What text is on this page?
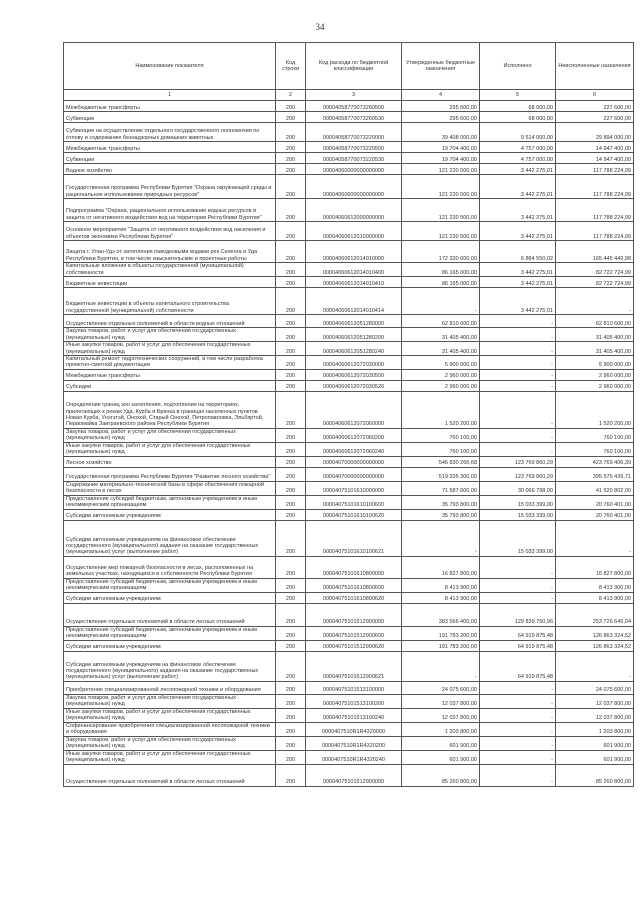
34
Наименование показателя	Код строки	Код расхода по бюджетной классификации	Утвержденные бюджетные назначения	Исполнено	Неисполненные назначения
1	2	3	4	5	6
Межбюджетные трансферты	200	00004058770073260500	295 600,00	68 000,00	227 600,00
Субвенции	200	00004058770073260530	295 600,00	68 000,00	227 600,00
Субвенции на осуществление отдельного государственного полномочия по отлову и содержанию безнадзорных домашних животных	200	00004058770073220000	39 408 000,00	9 514 000,00	29 894 000,00
Межбюджетные трансферты	200	00004058770073220500	19 704 400,00	4 757 000,00	14 947 400,00
Субвенции	200	00004058770073220530	19 704 400,00	4 757 000,00	14 947 400,00
Водное хозяйство	200	00004060000000000000	121 230 500,00	3 442 275,01	117 788 224,99
Государственная программа Республики Бурятия "Охрана окружающей среды и рациональное использование природных ресурсов"	200	00004060600000000000	121 230 500,00	3 442 275,01	117 788 224,99
Подпрограмма "Охрана, рациональное использование водных ресурсов и защита от негативного воздействия вод на территории Республики Бурятия"	200	00004060612000000000	121 230 500,00	3 442 275,01	117 788 224,99
Основное мероприятие "Защита от негативного воздействия вод населения и объектов экономики Республики Бурятия"	200	00004060612010000000	121 230 500,00	3 442 275,01	117 788 224,99
Защита г. Улан-Удэ от затопления паводковыми водами рек Селенга и Уда Республики Бурятия, в том числе изыскательские и проектные работы	200	00004060612014010000	172 330 600,00	6 884 550,02	165 445 449,98
Капитальные вложения в объекты государственной (муниципальной) собственности	200	00004060612014010400	86 165 000,00	3 442 275,01	82 722 724,99
Бюджетные инвестиции	200	00004060612014010410	86 165 000,00	3 442 275,01	82 722 724,99
Бюджетные инвестиции в объекты капитального строительства государственной (муниципальной) собственности	200	00004060612014010414	-	3 442 275,01	-
Осуществление отдельных полномочий в области водных отношений	200	00004060612051280000	62 810 600,00	-	62 810 600,00
Закупка товаров, работ и услуг для обеспечения государственных (муниципальных) нужд	200	00004060612051280200	31 405 400,00	-	31 405 400,00
Иные закупки товаров, работ и услуг для обеспечения государственных (муниципальных) нужд	200	00004060612051280240	31 405 400,00	-	31 405 400,00
Капитальный ремонт гидротехнических сооружений, в том числе разработка проектно-сметной документации	200	00004060612072030000	5 900 000,00	-	5 900 000,00
Межбюджетные трансферты	200	00004060612072030500	2 960 000,00	-	2 960 000,00
Субсидии	200	00004060612072030520	2 960 000,00	-	2 960 000,00
Определение границ зон затопления, подтопления на территориях, прилегающих к рекам Уда, Курба и Брянка в границах населенных пунктов Новая Курба, Унэгэтэй, Онохой, Старый Онохой, Петропавловка, Эльбяртой, Первомайка Заиграевского района Республики Бурятия	200	00004060612072060000	1 520 200,00	-	1 520 200,00
Закупка товаров, работ и услуг для обеспечения государственных (муниципальных) нужд	200	00004060612072060200	760 100,00	-	760 100,00
Иные закупки товаров, работ и услуг для обеспечения государственных (муниципальных) нужд	200	00004060612072060240	760 100,00	-	760 100,00
Лесное хозяйство	200	00004070000000000000	546 830 266,68	123 769 860,29	423 769 406,39
Государственная программа Республики Бурятия "Развитие лесного хозяйства"	200	00004070000000000000	519 335 300,00	123 769 860,29	395 575 439,71
Содержание материально-технической базы в сфере обеспечения пожарной безопасности в лесах	200	00004075101610000000	71 587 600,00	30 066 798,00	41 520 802,00
Предоставление субсидий бюджетным, автономным учреждениям и иным некоммерческим организациям	200	00004075101610100600	35 793 800,00	15 033 399,00	20 760 401,00
Субсидии автономным учреждениям	200	00004075101610100620	35 793 800,00	15 033 399,00	20 760 401,00
Субсидии автономным учреждениям на финансовое обеспечение государственного (муниципального) задания на оказание государственных (муниципальных) услуг (выполнение работ)	200	00004075101610100621	-	15 033 399,00	-
Осуществление мер пожарной безопасности в лесах, расположенных на земельных участках, находящихся в собственности Республики Бурятия	200	00004075101610800000	16 827 800,00	-	16 827 800,00
Предоставление субсидий бюджетным, автономным учреждениям и иным некоммерческим организациям	200	00004075101610800600	8 413 900,00	-	8 413 900,00
Субсидии автономным учреждениям	200	00004075101610800620	8 413 900,00	-	8 413 900,00
Осуществление отдельных полномочий в области лесных отношений	200	00004075101512900000	383 566 400,00	129 839 750,96	253 726 649,04
Предоставление субсидий бюджетным, автономным учреждениям и иным некоммерческим организациям	200	00004075101512900600	191 783 200,00	64 919 875,48	126 863 324,52
Субсидии автономным учреждениям	200	00004075101512900620	191 783 200,00	64 919 875,48	126 863 324,52
Субсидии автономным учреждениям на финансовое обеспечение государственного (муниципального) задания на оказание государственных (муниципальных) услуг (выполнение работ)	200	00004075101512900621	-	64 919 875,48	-
Приобретение специализированной лесопожарной техники и оборудования	200	00004075101513100000	24 075 600,00	-	24 075 600,00
Закупка товаров, работ и услуг для обеспечения государственных (муниципальных) нужд	200	00004075101513100200	12 037 800,00	-	12 037 800,00
Иные закупки товаров, работ и услуг для обеспечения государственных (муниципальных) нужд	200	00004075101513100240	12 037 800,00	-	12 037 800,00
Софинансирование приобретения специализированной лесопожарной техники и оборудования	200	0000407510R1R4320000	1 203 800,00	-	1 203 800,00
Закупка товаров, работ и услуг для обеспечения государственных (муниципальных) нужд	200	0000407510R1R4320200	601 900,00	-	601 900,00
Иные закупки товаров, работ и услуг для обеспечения государственных (муниципальных) нужд	200	0000407510R1R4320240	601 900,00	-	601 900,00
Осуществление отдельных полномочий в области лесных отношений	200	00004075101512900000	85 260 800,00	-	85 260 800,00
